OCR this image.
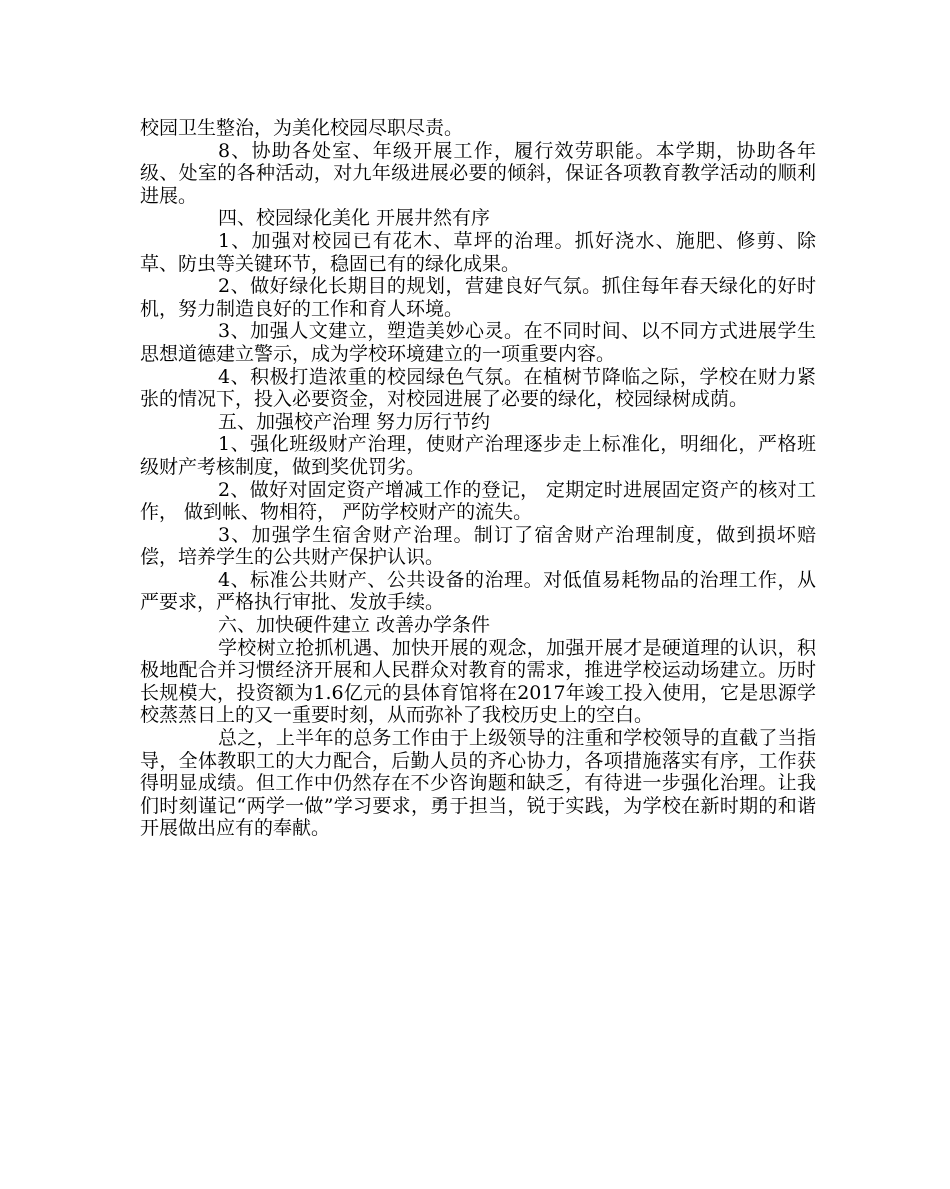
校园卫生整治，为美化校园尽职尽责。

8、协助各处室、年级开展工作，履行效劳职能。本学期，协助各年级、处室的各种活动，对九年级进展必要的倾斜，保证各项教育教学活动的顺利进展。

四、校园绿化美化 开展井然有序

1、加强对校园已有花木、草坪的治理。抓好浇水、施肥、修剪、除草、防虫等关键环节，稳固已有的绿化成果。

2、做好绿化长期目的规划，营建良好气氛。抓住每年春天绿化的好时机，努力制造良好的工作和育人环境。

3、加强人文建立，塑造美妙心灵。在不同时间、以不同方式进展学生思想道德建立警示，成为学校环境建立的一项重要内容。

4、积极打造浓重的校园绿色气氛。在植树节降临之际，学校在财力紧张的情况下，投入必要资金，对校园进展了必要的绿化，校园绿树成荫。

五、加强校产治理 努力厉行节约

1、强化班级财产治理，使财产治理逐步走上标准化，明细化，严格班级财产考核制度，做到奖优罚劣。

2、做好对固定资产增减工作的登记， 定期定时进展固定资产的核对工作， 做到帐、物相符， 严防学校财产的流失。

3、加强学生宿舍财产治理。制订了宿舍财产治理制度，做到损坏赔偿，培养学生的公共财产保护认识。

4、标准公共财产、公共设备的治理。对低值易耗物品的治理工作，从严要求，严格执行审批、发放手续。

六、加快硬件建立 改善办学条件

学校树立抢抓机遇、加快开展的观念，加强开展才是硬道理的认识，积极地配合并习惯经济开展和人民群众对教育的需求，推进学校运动场建立。历时长规模大，投资额为1.6亿元的县体育馆将在2017年竣工投入使用，它是思源学校蒸蒸日上的又一重要时刻，从而弥补了我校历史上的空白。

总之，上半年的总务工作由于上级领导的注重和学校领导的直截了当指导，全体教职工的大力配合，后勤人员的齐心协力，各项措施落实有序，工作获得明显成绩。但工作中仍然存在不少咨询题和缺乏，有待进一步强化治理。让我们时刻谨记“两学一做”学习要求，勇于担当，锐于实践，为学校在新时期的和谐开展做出应有的奉献。
